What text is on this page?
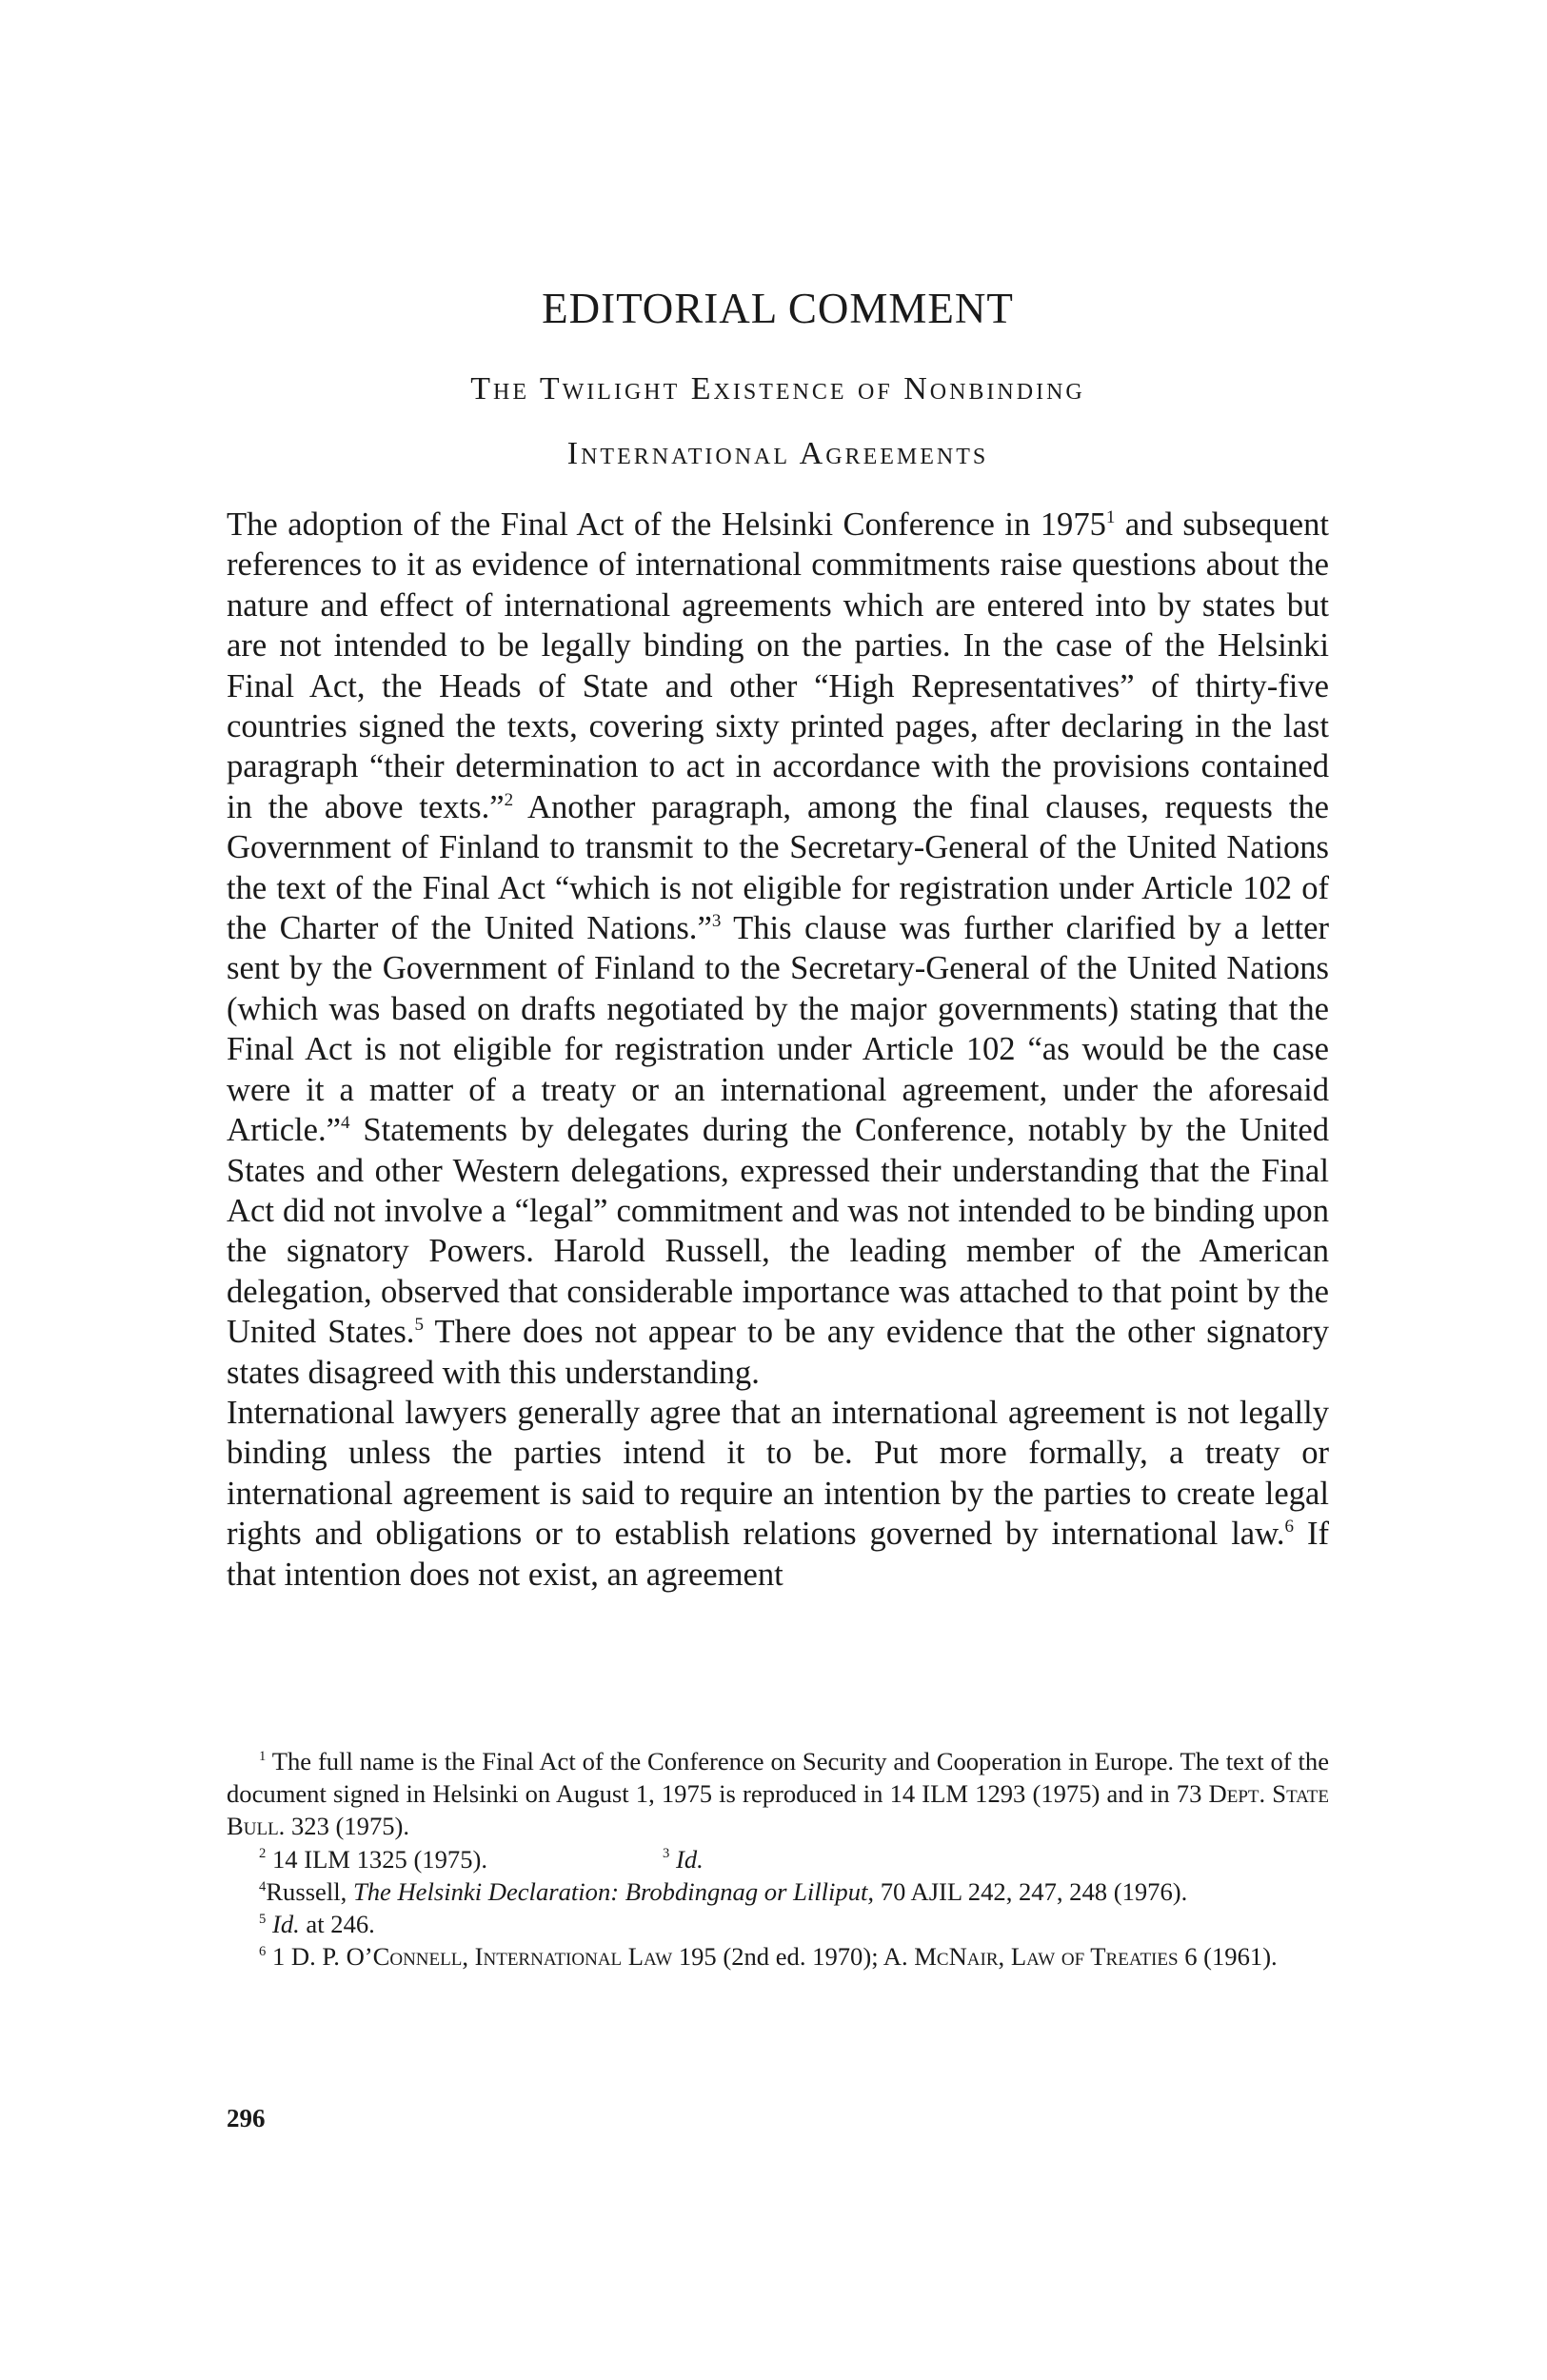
EDITORIAL COMMENT
The Twilight Existence of Nonbinding
International Agreements

The adoption of the Final Act of the Helsinki Conference in 1975$^1$ and subsequent references to it as evidence of international commitments raise questions about the nature and effect of international agreements which are entered into by states but are not intended to be legally binding on the parties. In the case of the Helsinki Final Act, the Heads of State and other “High Representatives” of thirty-five countries signed the texts, covering sixty printed pages, after declaring in the last paragraph “their determination to act in accordance with the provisions contained in the above texts.”$^2$ Another paragraph, among the final clauses, requests the Government of Finland to transmit to the Secretary-General of the United Nations the text of the Final Act “which is not eligible for registration under Article 102 of the Charter of the United Nations.”$^3$ This clause was further clarified by a letter sent by the Government of Finland to the Secretary-General of the United Nations (which was based on drafts negotiated by the major governments) stating that the Final Act is not eligible for registration under Article 102 “as would be the case were it a matter of a treaty or an international agreement, under the aforesaid Article.”$^4$ Statements by delegates during the Conference, notably by the United States and other Western delegations, expressed their understanding that the Final Act did not involve a “legal” commitment and was not intended to be binding upon the signatory Powers. Harold Russell, the leading member of the American delegation, observed that considerable importance was attached to that point by the United States.$^5$ There does not appear to be any evidence that the other signatory states disagreed with this understanding.

International lawyers generally agree that an international agreement is not legally binding unless the parties intend it to be. Put more formally, a treaty or international agreement is said to require an intention by the parties to create legal rights and obligations or to establish relations governed by international law.$^6$ If that intention does not exist, an agreement

$^1$ The full name is the Final Act of the Conference on Security and Cooperation in Europe. The text of the document signed in Helsinki on August 1, 1975 is reproduced in 14 ILM 1293 (1975) and in 73 Dept. State Bull. 323 (1975).

$^2$ 14 ILM 1325 (1975).	$^3$ Id.

$^4$Russell, The Helsinki Declaration: Brobdingnag or Lilliput, 70 AJIL 242, 247, 248 (1976).

$^5$ Id. at 246.

$^6$ 1 D. P. O’Connell, International Law 195 (2nd ed. 1970); A. McNair, Law of Treaties 6 (1961).

296
